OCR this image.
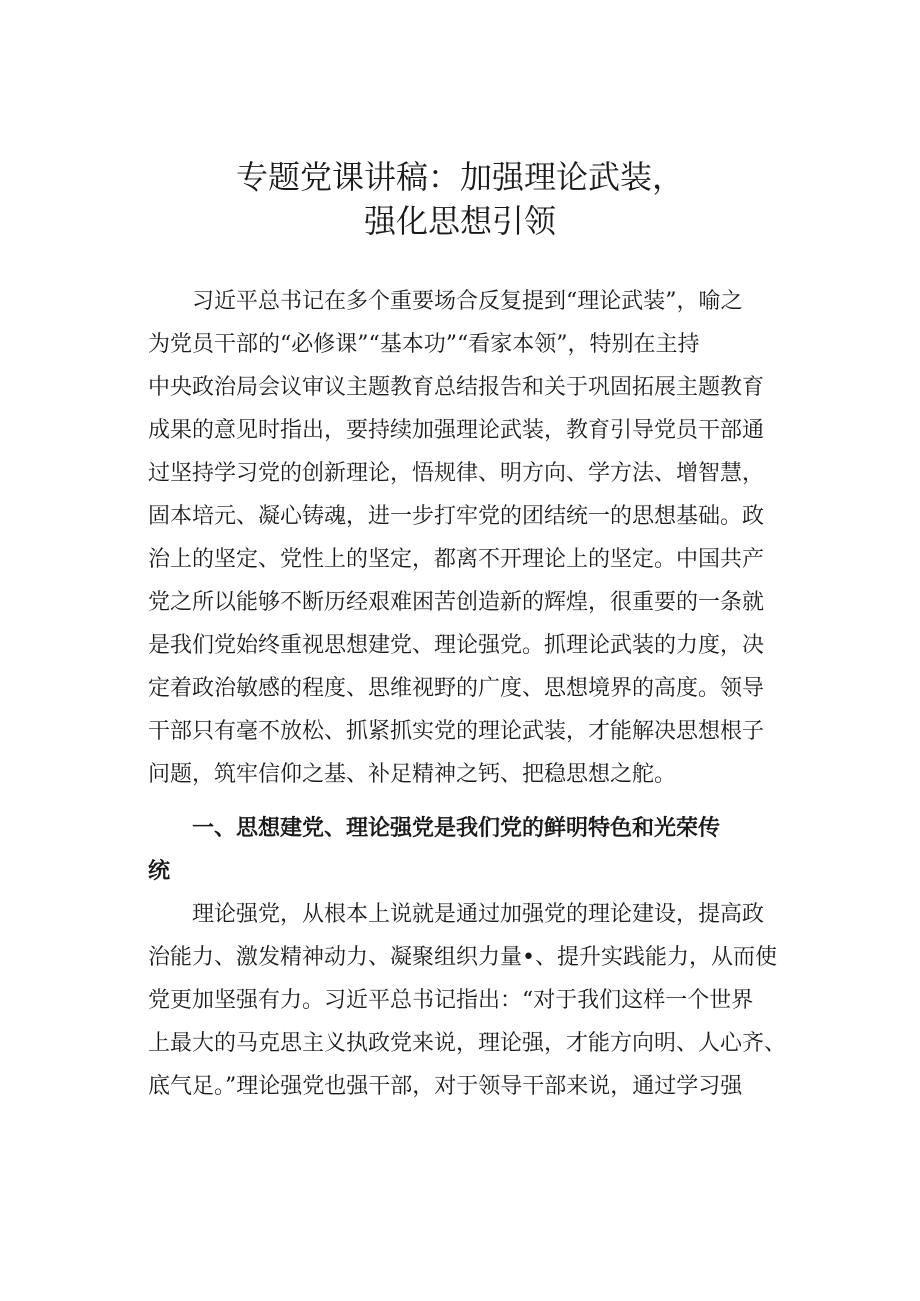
专题党课讲稿：加强理论武装，
强化思想引领

　　习近平总书记在多个重要场合反复提到“理论武装”，喻之

为党员干部的“必修课”“基本功”“看家本领”，特别在主持

中央政治局会议审议主题教育总结报告和关于巩固拓展主题教育

成果的意见时指出，要持续加强理论武装，教育引导党员干部通

过坚持学习党的创新理论，悟规律、明方向、学方法、增智慧，

固本培元、凝心铸魂，进一步打牢党的团结统一的思想基础。政

治上的坚定、党性上的坚定，都离不开理论上的坚定。中国共产

党之所以能够不断历经艰难困苦创造新的辉煌，很重要的一条就

是我们党始终重视思想建党、理论强党。抓理论武装的力度，决

定着政治敏感的程度、思维视野的广度、思想境界的高度。领导

干部只有毫不放松、抓紧抓实党的理论武装，才能解决思想根子

问题，筑牢信仰之基、补足精神之钙、把稳思想之舵。

　　一、思想建党、理论强党是我们党的鲜明特色和光荣传

统

　　理论强党，从根本上说就是通过加强党的理论建设，提高政

治能力、激发精神动力、凝聚组织力量•、提升实践能力，从而使

党更加坚强有力。习近平总书记指出：“对于我们这样一个世界

上最大的马克思主义执政党来说，理论强，才能方向明、人心齐、

底气足。”理论强党也强干部，对于领导干部来说，通过学习强
